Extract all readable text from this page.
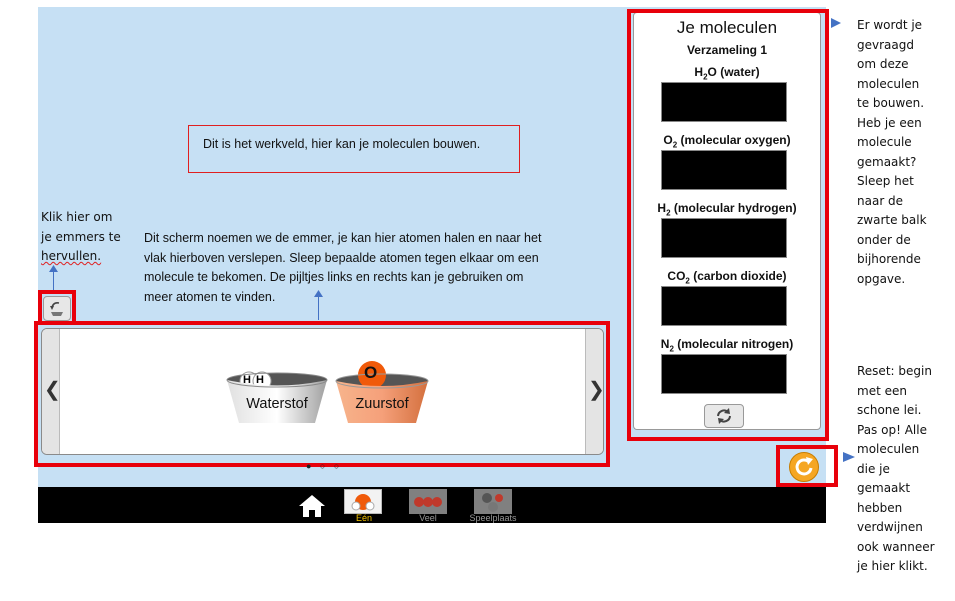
Dit is het werkveld, hier kan je moleculen bouwen.
Klik hier om
je emmers te
hervullen.
Dit scherm noemen we de emmer, je kan hier atomen halen en naar het
vlak hierboven verslepen. Sleep bepaalde atomen tegen elkaar om een
molecule te bekomen. De pijltjes links en rechts kan je gebruiken om
meer atomen te vinden.
❮	❯
H H
Waterstof
O
Zuurstof
● ○ ○
Je moleculen
Verzameling 1
$H_2O$ (water)
$O_2$ (molecular oxygen)
$H_2$ (molecular hydrogen)
$CO_2$ (carbon dioxide)
$N_2$ (molecular nitrogen)
Er wordt je
gevraagd
om deze
moleculen
te bouwen.
Heb je een
molecule
gemaakt?
Sleep het
naar de
zwarte balk
onder de
bijhorende
opgave.
Reset: begin
met een
schone lei.
Pas op! Alle
moleculen
die je
gemaakt
hebben
verdwijnen
ook wanneer
je hier klikt.
Eén	Veel	Speelplaats
